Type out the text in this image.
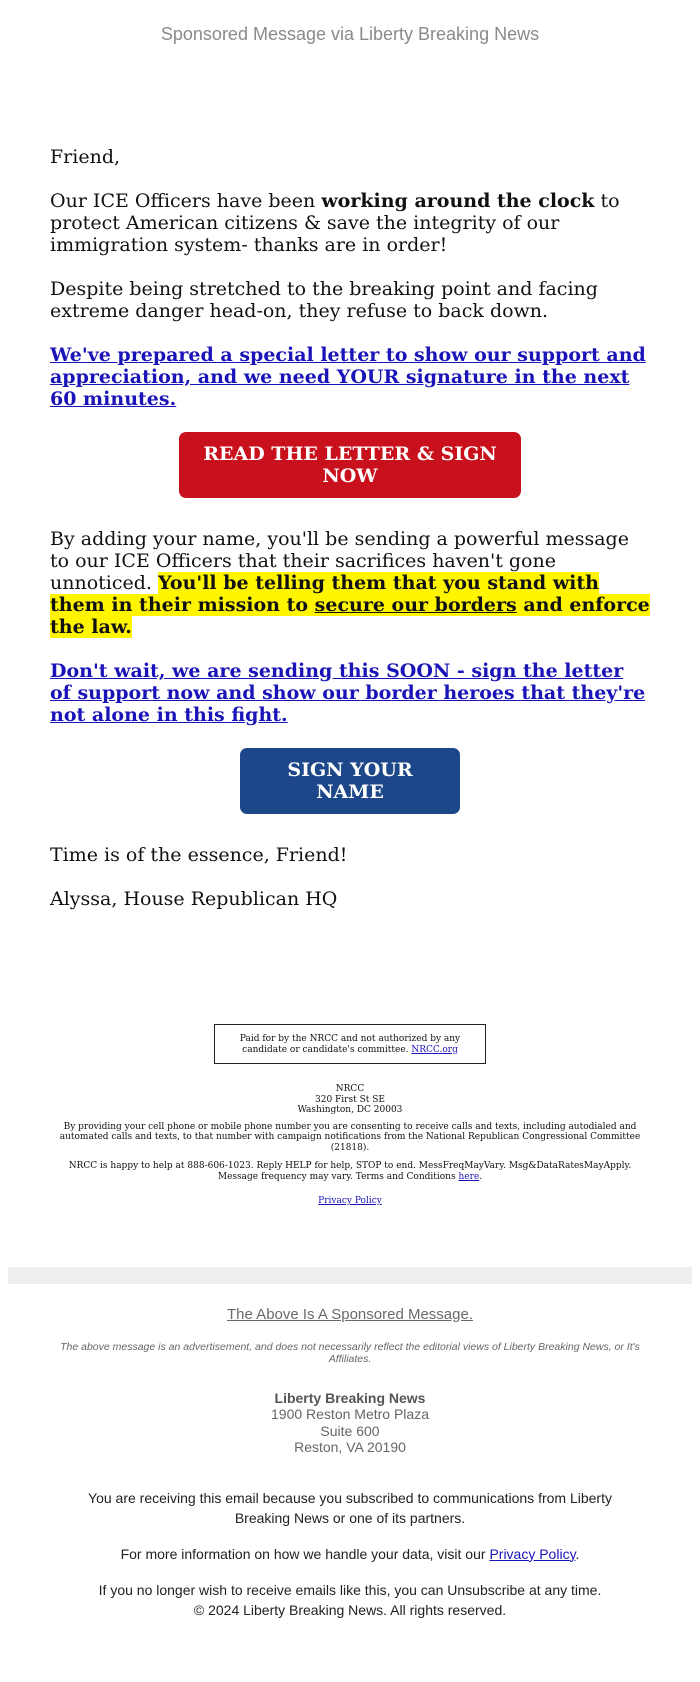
Sponsored Message via Liberty Breaking News

Friend,

Our ICE Officers have been working around the clock to protect American citizens & save the integrity of our immigration system- thanks are in order!

Despite being stretched to the breaking point and facing extreme danger head-on, they refuse to back down.

We've prepared a special letter to show our support and appreciation, and we need YOUR signature in the next 60 minutes.

READ THE LETTER & SIGN NOW

By adding your name, you'll be sending a powerful message to our ICE Officers that their sacrifices haven't gone unnoticed. You'll be telling them that you stand with them in their mission to secure our borders and enforce the law.

Don't wait, we are sending this SOON - sign the letter of support now and show our border heroes that they're not alone in this fight.

SIGN YOUR NAME

Time is of the essence, Friend!

Alyssa, House Republican HQ

Paid for by the NRCC and not authorized by any candidate or candidate's committee. NRCC.org
NRCC
320 First St SE
Washington, DC 20003
By providing your cell phone or mobile phone number you are consenting to receive calls and texts, including autodialed and automated calls and texts, to that number with campaign notifications from the National Republican Congressional Committee (21818).
NRCC is happy to help at 888-606-1023. Reply HELP for help, STOP to end. MessFreqMayVary. Msg&DataRatesMayApply. Message frequency may vary. Terms and Conditions here.
Privacy Policy
The Above Is A Sponsored Message.
The above message is an advertisement, and does not necessarily reflect the editorial views of Liberty Breaking News, or It's Affiliates.
Liberty Breaking News
1900 Reston Metro Plaza
Suite 600
Reston, VA 20190
You are receiving this email because you subscribed to communications from Liberty Breaking News or one of its partners.
For more information on how we handle your data, visit our Privacy Policy.
If you no longer wish to receive emails like this, you can Unsubscribe at any time.
© 2024 Liberty Breaking News. All rights reserved.
